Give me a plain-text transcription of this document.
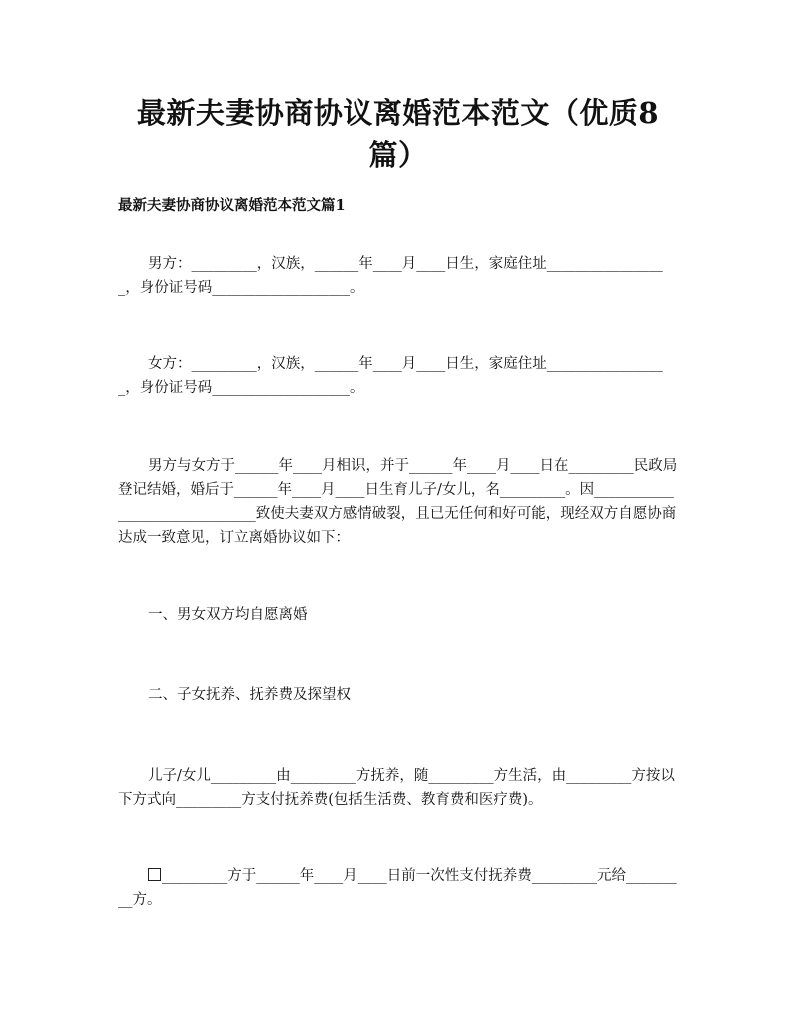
最新夫妻协商协议离婚范本范文（优质8篇）
最新夫妻协商协议离婚范本范文篇1
男方：_________，汉族，______年____月____日生，家庭住址_________________，身份证号码___________________。
女方：_________，汉族，______年____月____日生，家庭住址_________________，身份证号码___________________。
男方与女方于______年____月相识，并于______年____月____日在_________民政局登记结婚，婚后于______年____月____日生育儿子/女儿，名_________。因______________________________致使夫妻双方感情破裂，且已无任何和好可能，现经双方自愿协商达成一致意见，订立离婚协议如下：
一、男女双方均自愿离婚
二、子女抚养、抚养费及探望权
儿子/女儿_________由_________方抚养，随_________方生活，由_________方按以下方式向_________方支付抚养费(包括生活费、教育费和医疗费)。
_________方于______年____月____日前一次性支付抚养费_________元给_________方。
